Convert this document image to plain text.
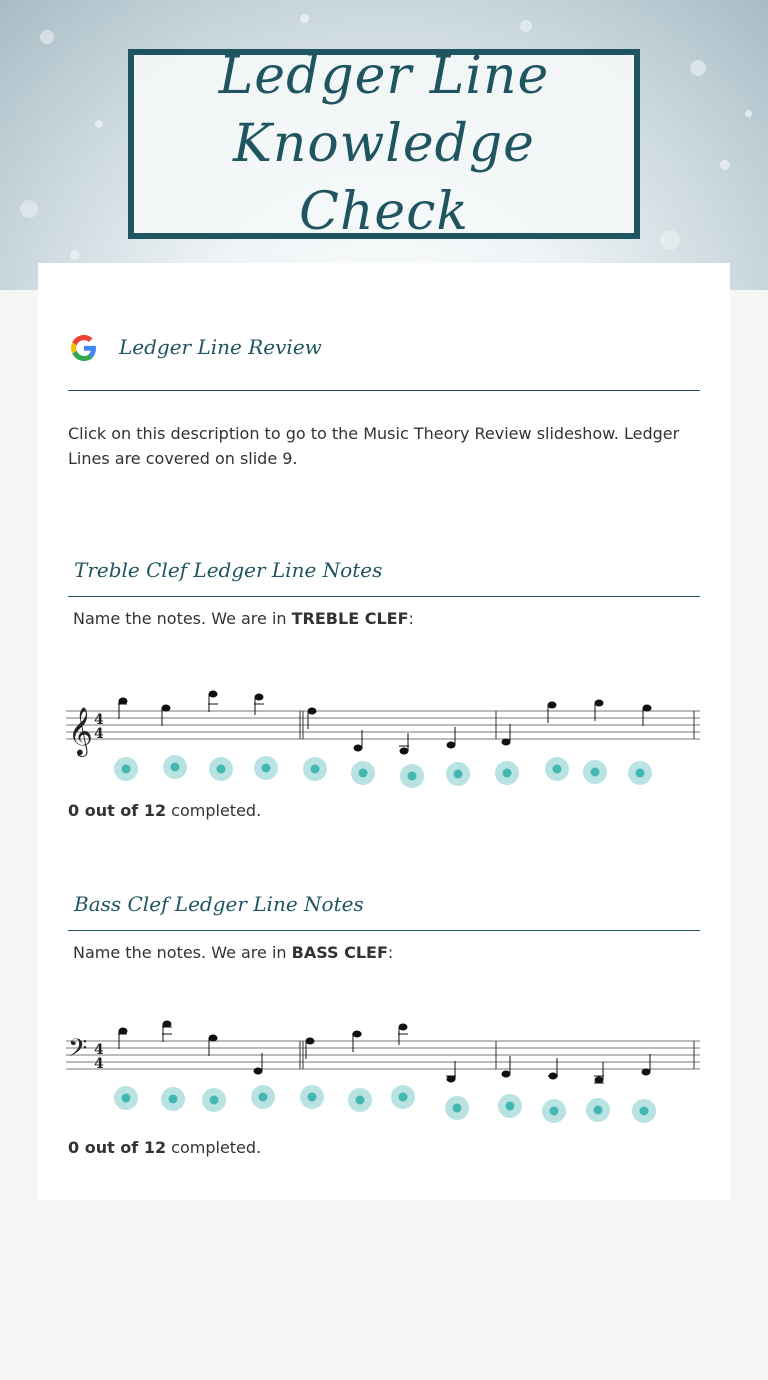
Ledger Line Knowledge Check
Ledger Line Review
Click on this description to go to the Music Theory Review slideshow. Ledger Lines are covered on slide 9.
Treble Clef Ledger Line Notes
Name the notes. We are in TREBLE CLEF:
𝄞 4
4
0 out of 12 completed.
Bass Clef Ledger Line Notes
Name the notes. We are in BASS CLEF:
𝄢 4
4
0 out of 12 completed.
